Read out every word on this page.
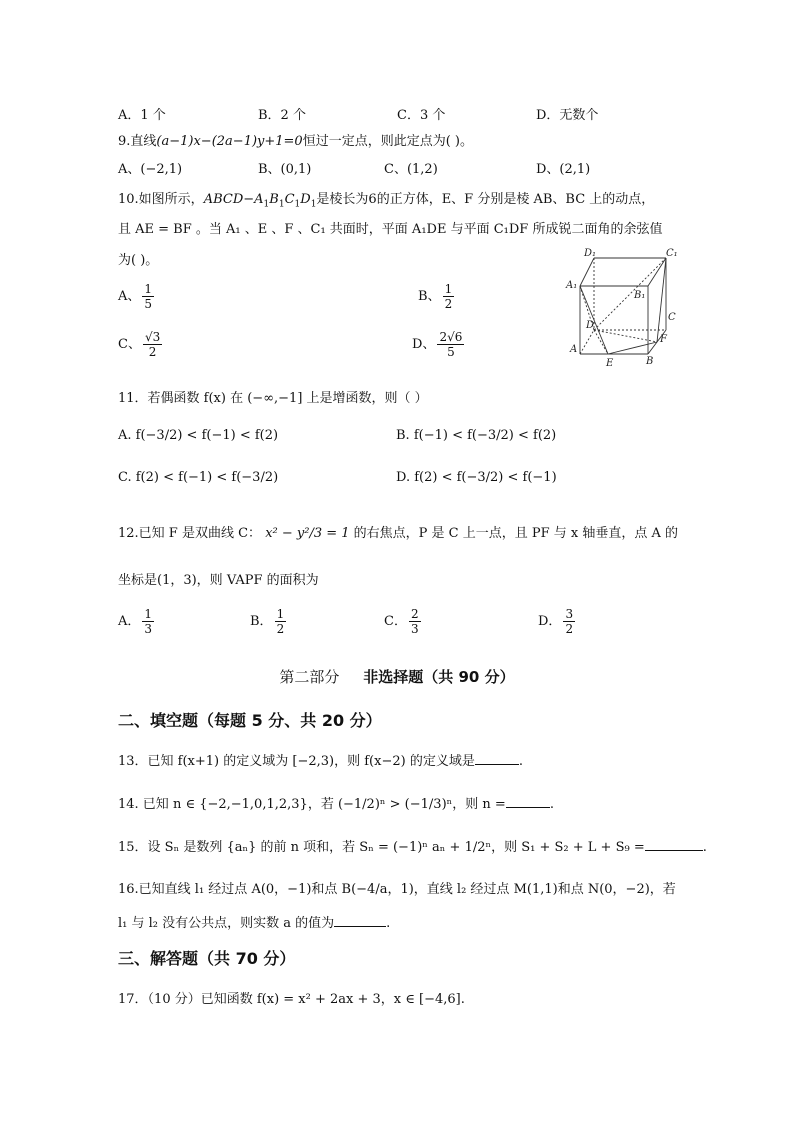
A．1 个	B．2 个	C．3 个	D．无数个
9.直线(a−1)x−(2a−1)y+1=0恒过一定点，则此定点为( )。
A、(−2,1)	B、(0,1)	C、(1,2)	D、(2,1)
10.如图所示，$ABCD-A_1B_1C_1D_1$是棱长为6的正方体，E、F 分别是棱 AB、BC 上的动点，
且 AE = BF 。当 A₁ 、E 、F 、C₁ 共面时，平面 A₁DE 与平面 C₁DF 所成锐二面角的余弦值
为( )。
A、 $\frac{1}{5}$	B、 $\frac{1}{2}$
C、 $\frac{√3}{2}$	D、 $\frac{2√6}{5}$
D₁	C₁
A₁
B₁
D
C
F
A
E	B
11．若偶函数 f(x) 在 (−∞,−1] 上是增函数，则（ ）
A. f(−3/2) < f(−1) < f(2)	B. f(−1) < f(−3/2) < f(2)
C. f(2) < f(−1) < f(−3/2)	D. f(2) < f(−3/2) < f(−1)
12.已知 F 是双曲线 C： x² − y²/3 = 1 的右焦点，P 是 C 上一点，且 PF 与 x 轴垂直，点 A 的
坐标是(1，3)，则 VAPF 的面积为
A． $\frac{1}{3}$	B． $\frac{1}{2}$	C． $\frac{2}{3}$	D． $\frac{3}{2}$
第二部分 非选择题（共 90 分）
二、填空题（每题 5 分、共 20 分）
13．已知 f(x+1) 的定义域为 [−2,3)，则 f(x−2) 的定义域是	.
14. 已知 n ∈ {−2,−1,0,1,2,3}，若 (−1/2)ⁿ > (−1/3)ⁿ，则 n =	.
15．设 Sₙ 是数列 {aₙ} 的前 n 项和，若 Sₙ = (−1)ⁿ aₙ + 1/2ⁿ，则 S₁ + S₂ + L + S₉ =	.
16.已知直线 l₁ 经过点 A(0，−1)和点 B(−4/a，1)，直线 l₂ 经过点 M(1,1)和点 N(0，−2)，若
l₁ 与 l₂ 没有公共点，则实数 a 的值为	.
三、解答题（共 70 分）
17．（10 分）已知函数 f(x) = x² + 2ax + 3，x ∈ [−4,6].
